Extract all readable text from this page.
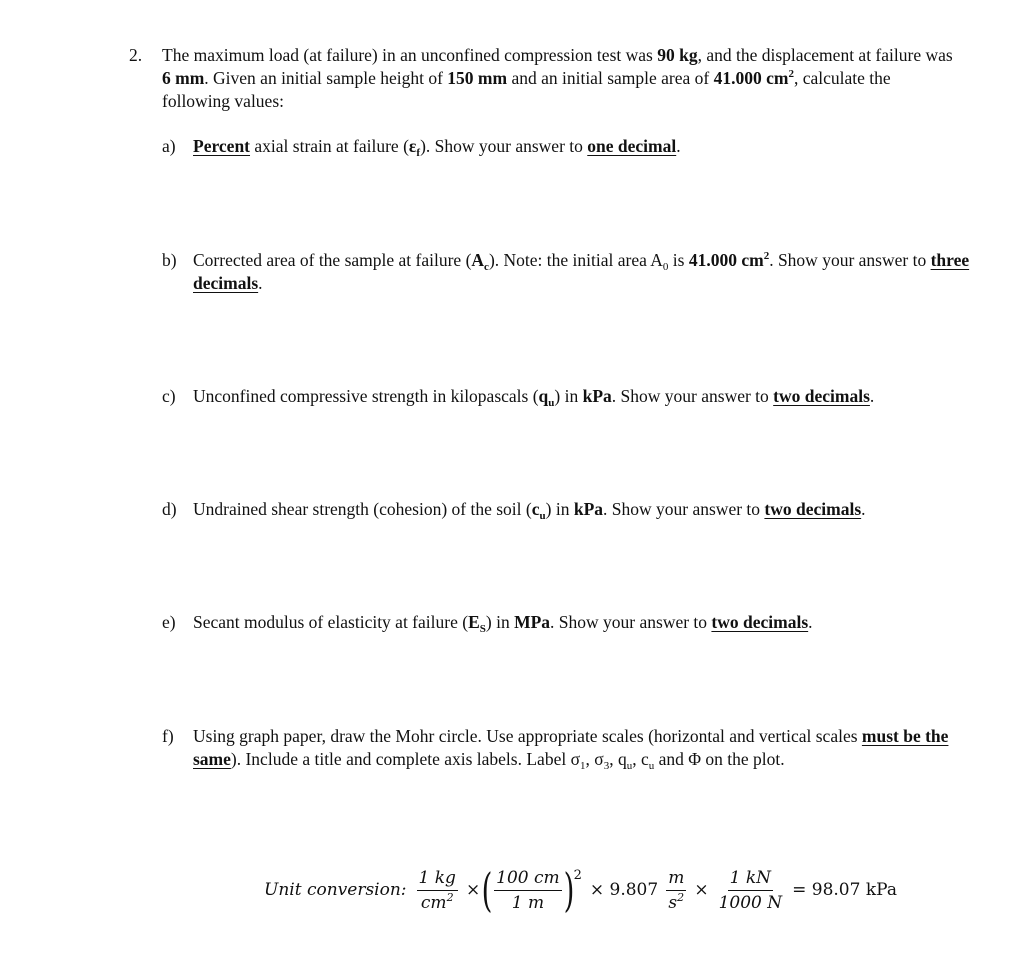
2. The maximum load (at failure) in an unconfined compression test was 90 kg, and the displacement at failure was 6 mm. Given an initial sample height of 150 mm and an initial sample area of 41.000 $cm^2$, calculate the following values:
a) Percent axial strain at failure $(\varepsilon_f)$. Show your answer to one decimal.
b) Corrected area of the sample at failure $(A_c)$. Note: the initial area $A_0$ is 41.000 $cm^2$. Show your answer to three decimals.
c) Unconfined compressive strength in kilopascals $(q_u)$ in kPa. Show your answer to two decimals.
d) Undrained shear strength (cohesion) of the soil $(c_u)$ in kPa. Show your answer to two decimals.
e) Secant modulus of elasticity at failure $(E_S)$ in MPa. Show your answer to two decimals.
f)	Using graph paper, draw the Mohr circle. Use appropriate scales (horizontal and vertical scales must be the same). Include a title and complete axis labels. Label $\sigma_1$, $\sigma_3$, $q_u$, $c_u$ and Φ on the plot.
Unit conversion: $\frac{1 kg}{cm^2}$ × ( $\frac{100 cm}{1 m}$ ) 2
× $9.807 \frac{m}{s^2} \times \frac{1 kN}{1000 N} = 98.07$ kPa
